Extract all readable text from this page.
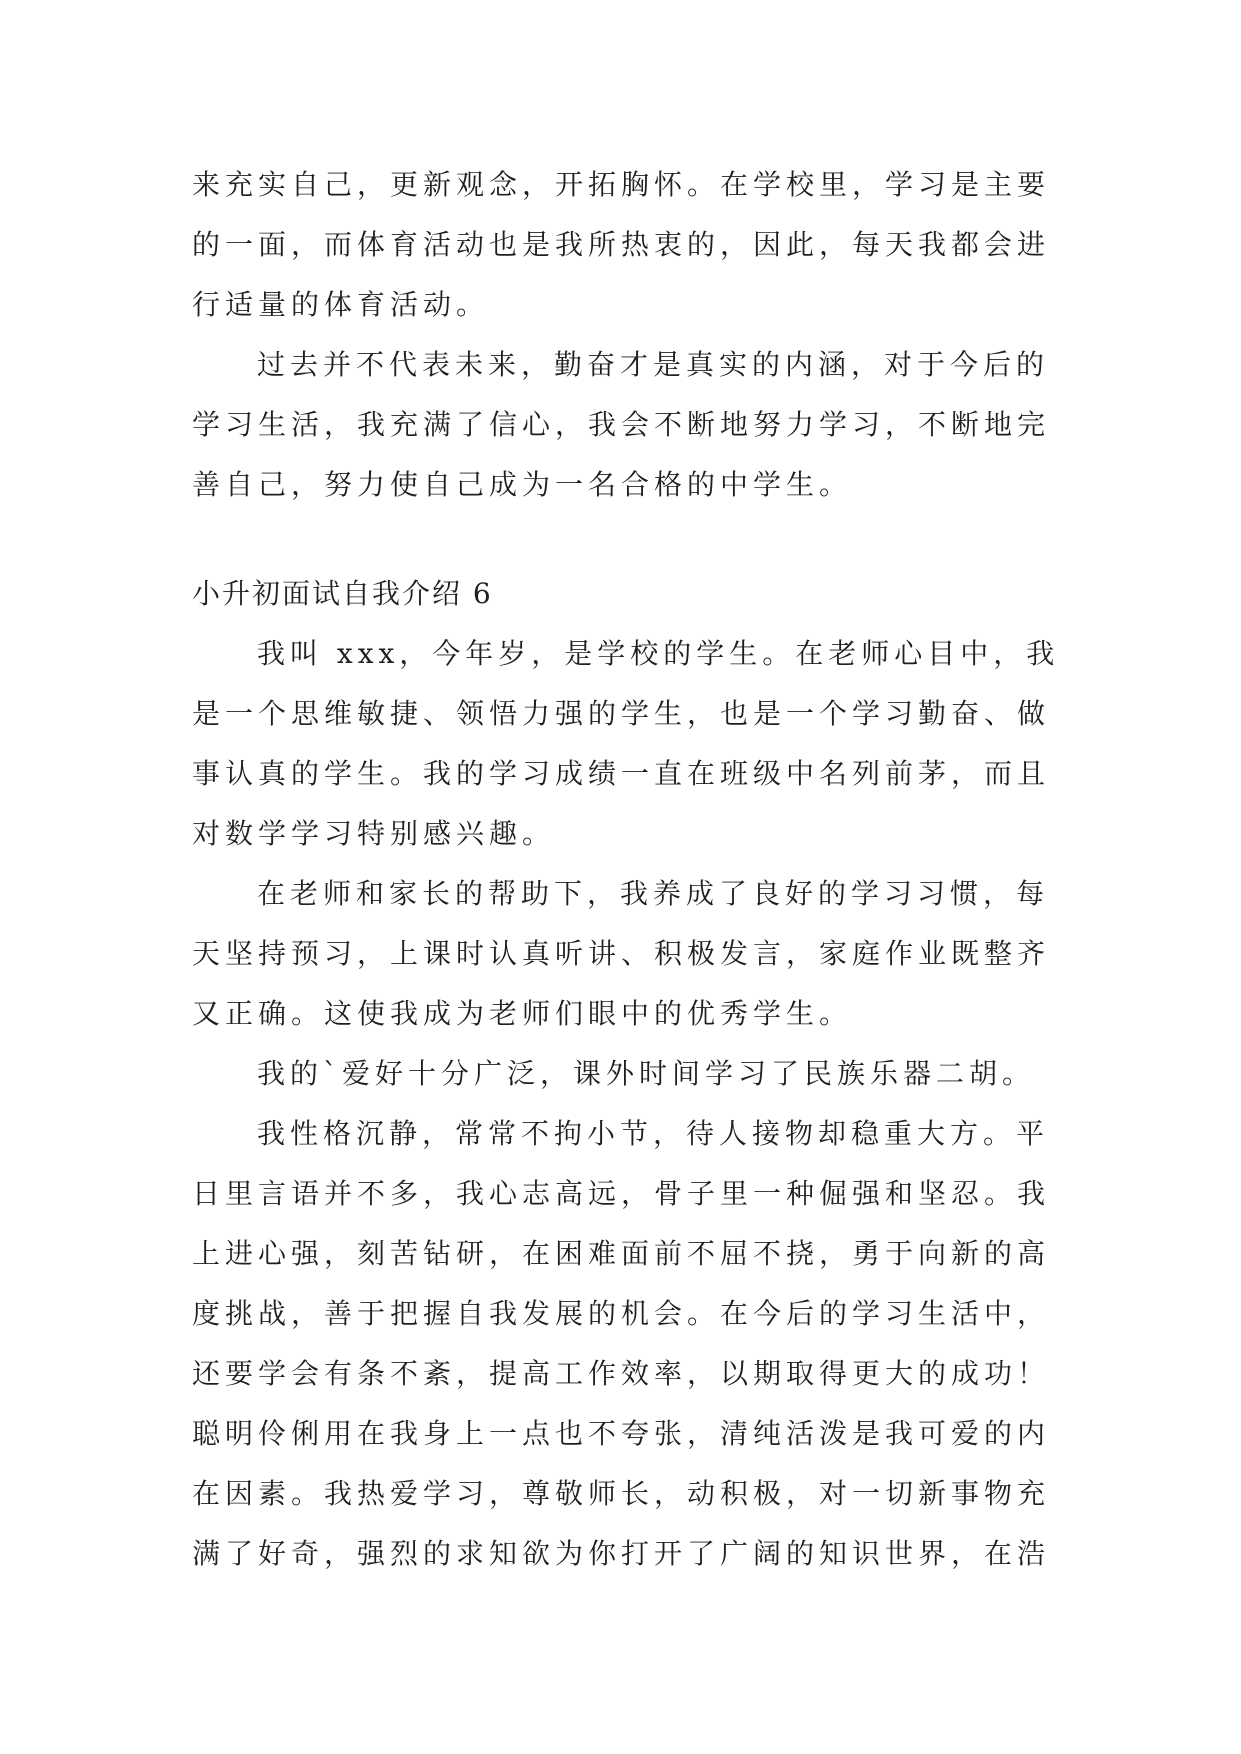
来充实自己，更新观念，开拓胸怀。在学校里，学习是主要
的一面，而体育活动也是我所热衷的，因此，每天我都会进
行适量的体育活动。
过去并不代表未来，勤奋才是真实的内涵，对于今后的
学习生活，我充满了信心，我会不断地努力学习，不断地完
善自己，努力使自己成为一名合格的中学生。
小升初面试自我介绍 6
我叫 xxx，今年岁，是学校的学生。在老师心目中，我
是一个思维敏捷、领悟力强的学生，也是一个学习勤奋、做
事认真的学生。我的学习成绩一直在班级中名列前茅，而且
对数学学习特别感兴趣。
在老师和家长的帮助下，我养成了良好的学习习惯，每
天坚持预习，上课时认真听讲、积极发言，家庭作业既整齐
又正确。这使我成为老师们眼中的优秀学生。
我的`爱好十分广泛，课外时间学习了民族乐器二胡。
我性格沉静，常常不拘小节，待人接物却稳重大方。平
日里言语并不多，我心志高远，骨子里一种倔强和坚忍。我
上进心强，刻苦钻研，在困难面前不屈不挠，勇于向新的高
度挑战，善于把握自我发展的机会。在今后的学习生活中，
还要学会有条不紊，提高工作效率，以期取得更大的成功！
聪明伶俐用在我身上一点也不夸张，清纯活泼是我可爱的内
在因素。我热爱学习，尊敬师长，动积极，对一切新事物充
满了好奇，强烈的求知欲为你打开了广阔的知识世界，在浩
